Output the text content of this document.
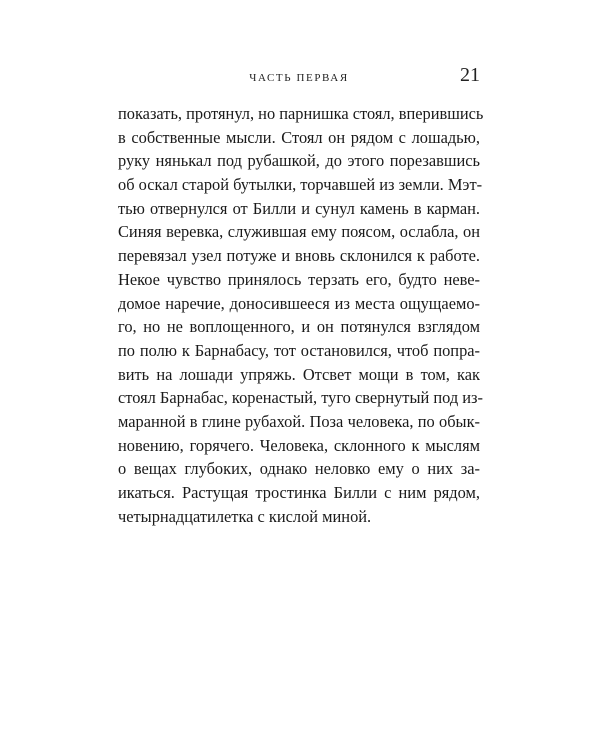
ЧАСТЬ ПЕРВАЯ	21
показать, протянул, но парнишка стоял, вперившись
в собственные мысли. Стоял он рядом с лошадью,
руку нянькал под рубашкой, до этого порезавшись
об оскал старой бутылки, торчавшей из земли. Мэт-
тью отвернулся от Билли и сунул камень в карман.
Синяя веревка, служившая ему поясом, ослабла, он
перевязал узел потуже и вновь склонился к работе.
Некое чувство принялось терзать его, будто неве-
домое наречие, доносившееся из места ощущаемо-
го, но не воплощенного, и он потянулся взглядом
по полю к Барнабасу, тот остановился, чтоб попра-
вить на лошади упряжь. Отсвет мощи в том, как
стоял Барнабас, коренастый, туго свернутый под из-
маранной в глине рубахой. Поза человека, по обык-
новению, горячего. Человека, склонного к мыслям
о вещах глубоких, однако неловко ему о них за-
икаться. Растущая тростинка Билли с ним рядом,
четырнадцатилетка с кислой миной.
